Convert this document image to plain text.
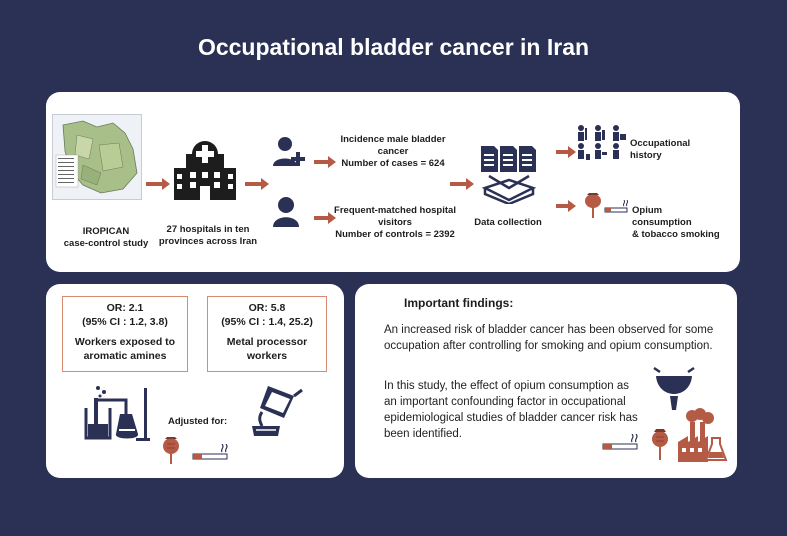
Occupational bladder cancer in Iran
IROPICAN
case-control study
27 hospitals in ten
provinces across Iran
Incidence male bladder
cancer
Number of cases = 624
Frequent-matched hospital
visitors
Number of controls = 2392
Data collection
Occupational history
Opium consumption
& tobacco smoking
OR: 2.1
(95% CI : 1.2, 3.8)
Workers exposed to
aromatic amines
OR: 5.8
(95% CI : 1.4, 25.2)
Metal processor
workers
Adjusted for:
Important findings:
An increased risk of bladder cancer has been observed for some occupation after controlling for smoking and opium consumption.
In this study, the effect of opium consumption as an important confounding factor in occupational epidemiological studies of bladder cancer risk has been identified.
